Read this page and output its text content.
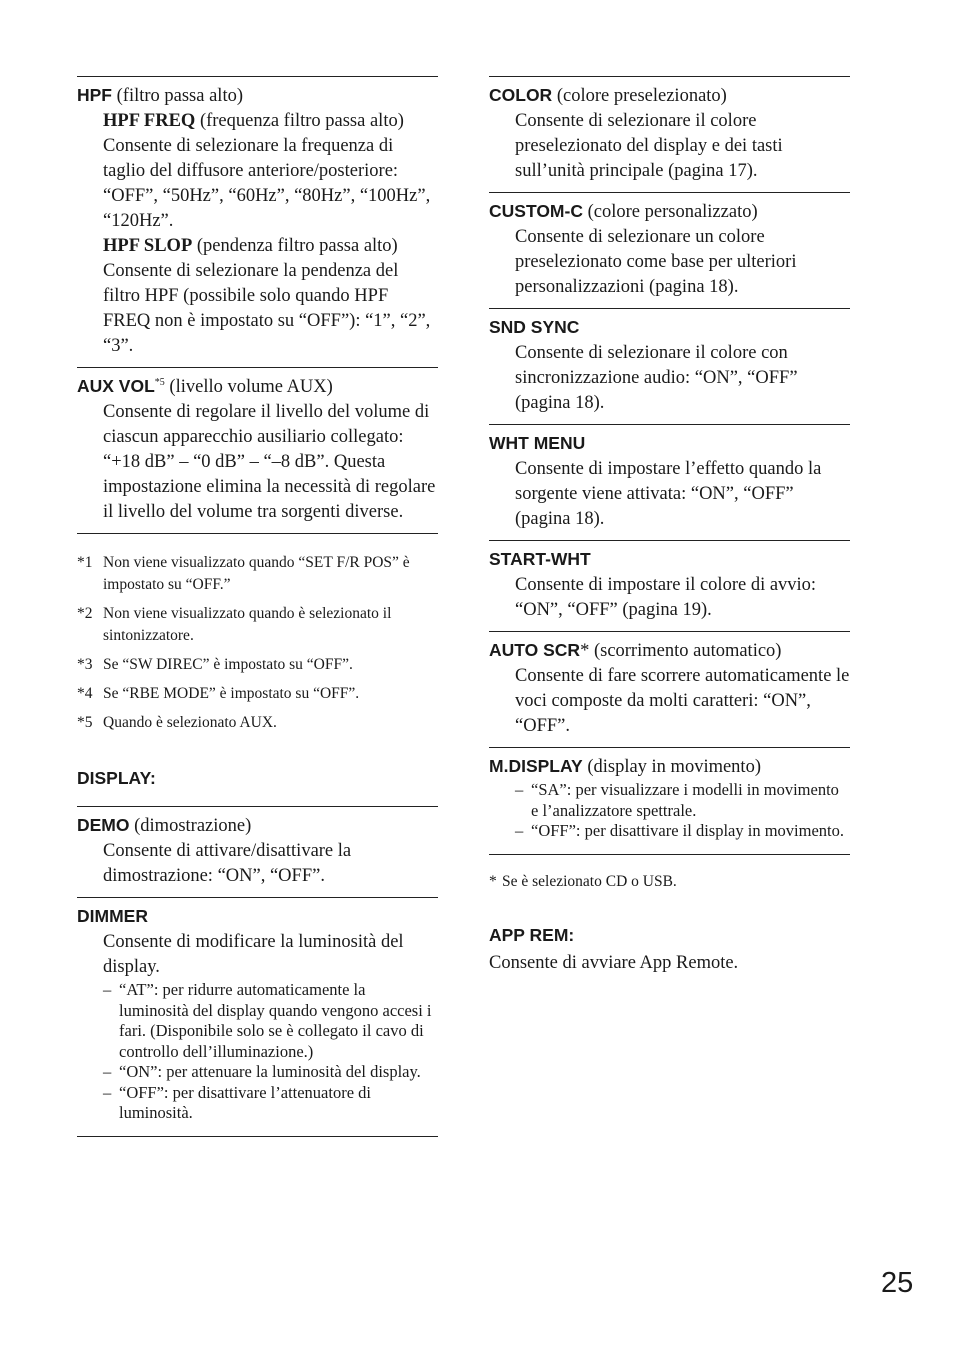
HPF (filtro passa alto)
HPF FREQ (frequenza filtro passa alto)
Consente di selezionare la frequenza di taglio del diffusore anteriore/posteriore: “OFF”, “50Hz”, “60Hz”, “80Hz”, “100Hz”, “120Hz”.
HPF SLOP (pendenza filtro passa alto)
Consente di selezionare la pendenza del filtro HPF (possibile solo quando HPF FREQ non è impostato su “OFF”): “1”, “2”, “3”.
AUX VOL$^{*5}$ (livello volume AUX)
Consente di regolare il livello del volume di ciascun apparecchio ausiliario collegato: “+18 dB” – “0 dB” – “–8 dB”. Questa impostazione elimina la necessità di regolare il livello del volume tra sorgenti diverse.
*1 Non viene visualizzato quando “SET F/R POS” è impostato su “OFF.”
*2 Non viene visualizzato quando è selezionato il sintonizzatore.
*3 Se “SW DIREC” è impostato su “OFF”.
*4 Se “RBE MODE” è impostato su “OFF”.
*5 Quando è selezionato AUX.
DISPLAY:
DEMO (dimostrazione)
Consente di attivare/disattivare la dimostrazione: “ON”, “OFF”.
DIMMER
Consente di modificare la luminosità del display.
– “AT”: per ridurre automaticamente la luminosità del display quando vengono accesi i fari. (Disponibile solo se è collegato il cavo di controllo dell’illuminazione.)
– “ON”: per attenuare la luminosità del display.
– “OFF”: per disattivare l’attenuatore di luminosità.
COLOR (colore preselezionato)
Consente di selezionare il colore preselezionato del display e dei tasti sull’unità principale (pagina 17).
CUSTOM-C (colore personalizzato)
Consente di selezionare un colore preselezionato come base per ulteriori personalizzazioni (pagina 18).
SND SYNC
Consente di selezionare il colore con sincronizzazione audio: “ON”, “OFF” (pagina 18).
WHT MENU
Consente di impostare l’effetto quando la sorgente viene attivata: “ON”, “OFF” (pagina 18).
START-WHT
Consente di impostare il colore di avvio: “ON”, “OFF” (pagina 19).
AUTO SCR* (scorrimento automatico)
Consente di fare scorrere automaticamente le voci composte da molti caratteri: “ON”, “OFF”.
M.DISPLAY (display in movimento)
– “SA”: per visualizzare i modelli in movimento e l’analizzatore spettrale.
– “OFF”: per disattivare il display in movimento.
* Se è selezionato CD o USB.
APP REM:
Consente di avviare App Remote.
25
